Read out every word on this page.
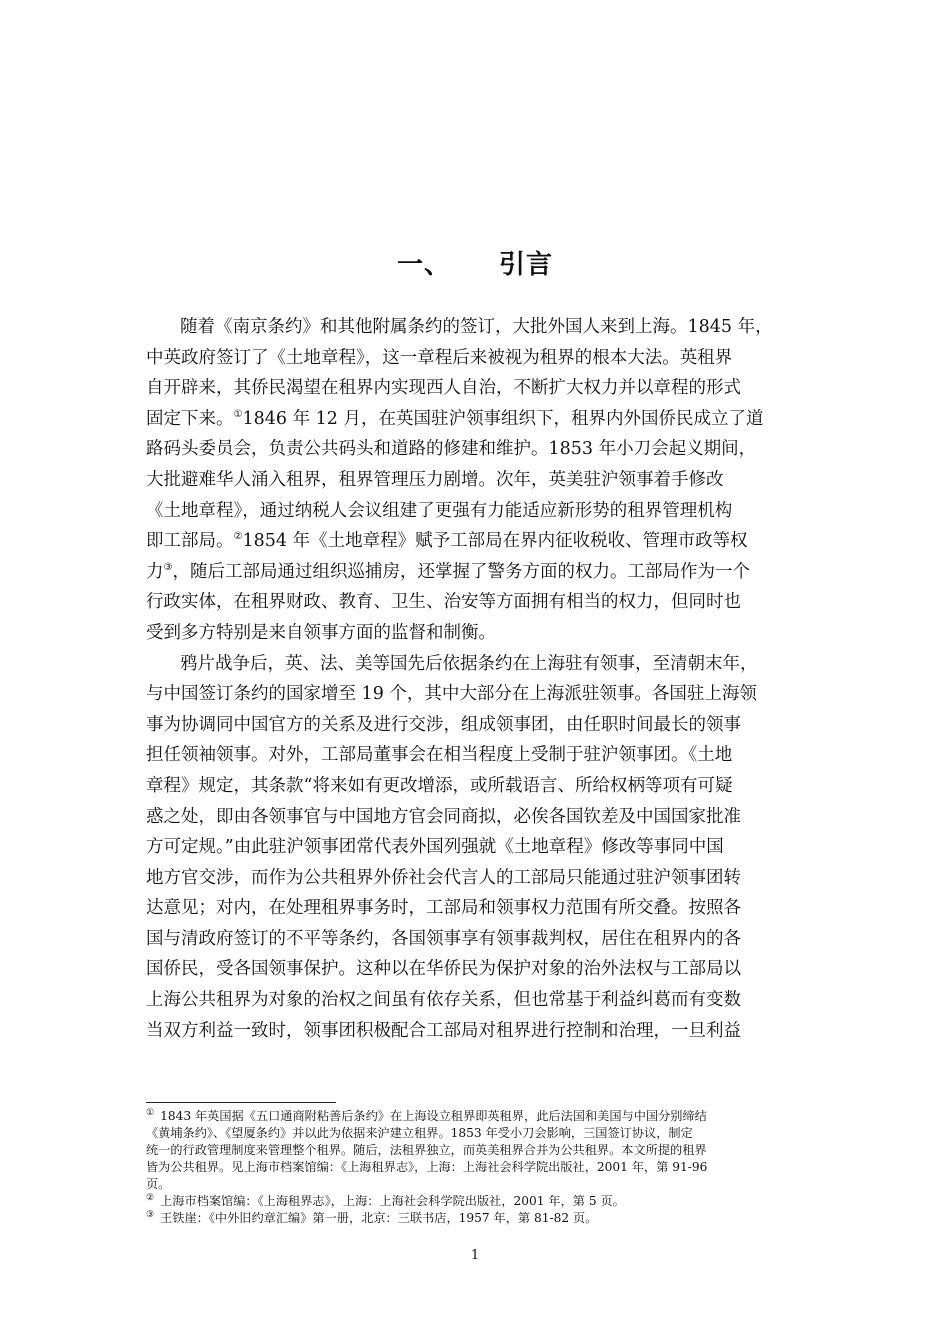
一、 引言
随着《南京条约》和其他附属条约的签订，大批外国人来到上海。1845 年，
中英政府签订了《土地章程》，这一章程后来被视为租界的根本大法。英租界
自开辟来，其侨民渴望在租界内实现西人自治，不断扩大权力并以章程的形式
固定下来。①1846 年 12 月，在英国驻沪领事组织下，租界内外国侨民成立了道
路码头委员会，负责公共码头和道路的修建和维护。1853 年小刀会起义期间，
大批避难华人涌入租界，租界管理压力剧增。次年，英美驻沪领事着手修改
《土地章程》，通过纳税人会议组建了更强有力能适应新形势的租界管理机构
即工部局。②1854 年《土地章程》赋予工部局在界内征收税收、管理市政等权
力③，随后工部局通过组织巡捕房，还掌握了警务方面的权力。工部局作为一个
行政实体，在租界财政、教育、卫生、治安等方面拥有相当的权力，但同时也
受到多方特别是来自领事方面的监督和制衡。
鸦片战争后，英、法、美等国先后依据条约在上海驻有领事，至清朝末年，
与中国签订条约的国家增至 19 个，其中大部分在上海派驻领事。各国驻上海领
事为协调同中国官方的关系及进行交涉，组成领事团，由任职时间最长的领事
担任领袖领事。对外，工部局董事会在相当程度上受制于驻沪领事团。《土地
章程》规定，其条款“将来如有更改增添，或所载语言、所给权柄等项有可疑
惑之处，即由各领事官与中国地方官会同商拟，必俟各国钦差及中国国家批准
方可定规。”由此驻沪领事团常代表外国列强就《土地章程》修改等事同中国
地方官交涉，而作为公共租界外侨社会代言人的工部局只能通过驻沪领事团转
达意见；对内，在处理租界事务时，工部局和领事权力范围有所交叠。按照各
国与清政府签订的不平等条约，各国领事享有领事裁判权，居住在租界内的各
国侨民，受各国领事保护。这种以在华侨民为保护对象的治外法权与工部局以
上海公共租界为对象的治权之间虽有依存关系，但也常基于利益纠葛而有变数
当双方利益一致时，领事团积极配合工部局对租界进行控制和治理，一旦利益
① 1843 年英国据《五口通商附粘善后条约》在上海设立租界即英租界，此后法国和美国与中国分别缔结
《黄埔条约》、《望厦条约》并以此为依据来沪建立租界。1853 年受小刀会影响，三国签订协议，制定
统一的行政管理制度来管理整个租界。随后，法租界独立，而英美租界合并为公共租界。本文所提的租界
皆为公共租界。见上海市档案馆编：《上海租界志》，上海：上海社会科学院出版社，2001 年，第 91-96
页。
② 上海市档案馆编：《上海租界志》，上海：上海社会科学院出版社，2001 年，第 5 页。
③ 王铁崖：《中外旧约章汇编》第一册，北京：三联书店，1957 年，第 81-82 页。
1
